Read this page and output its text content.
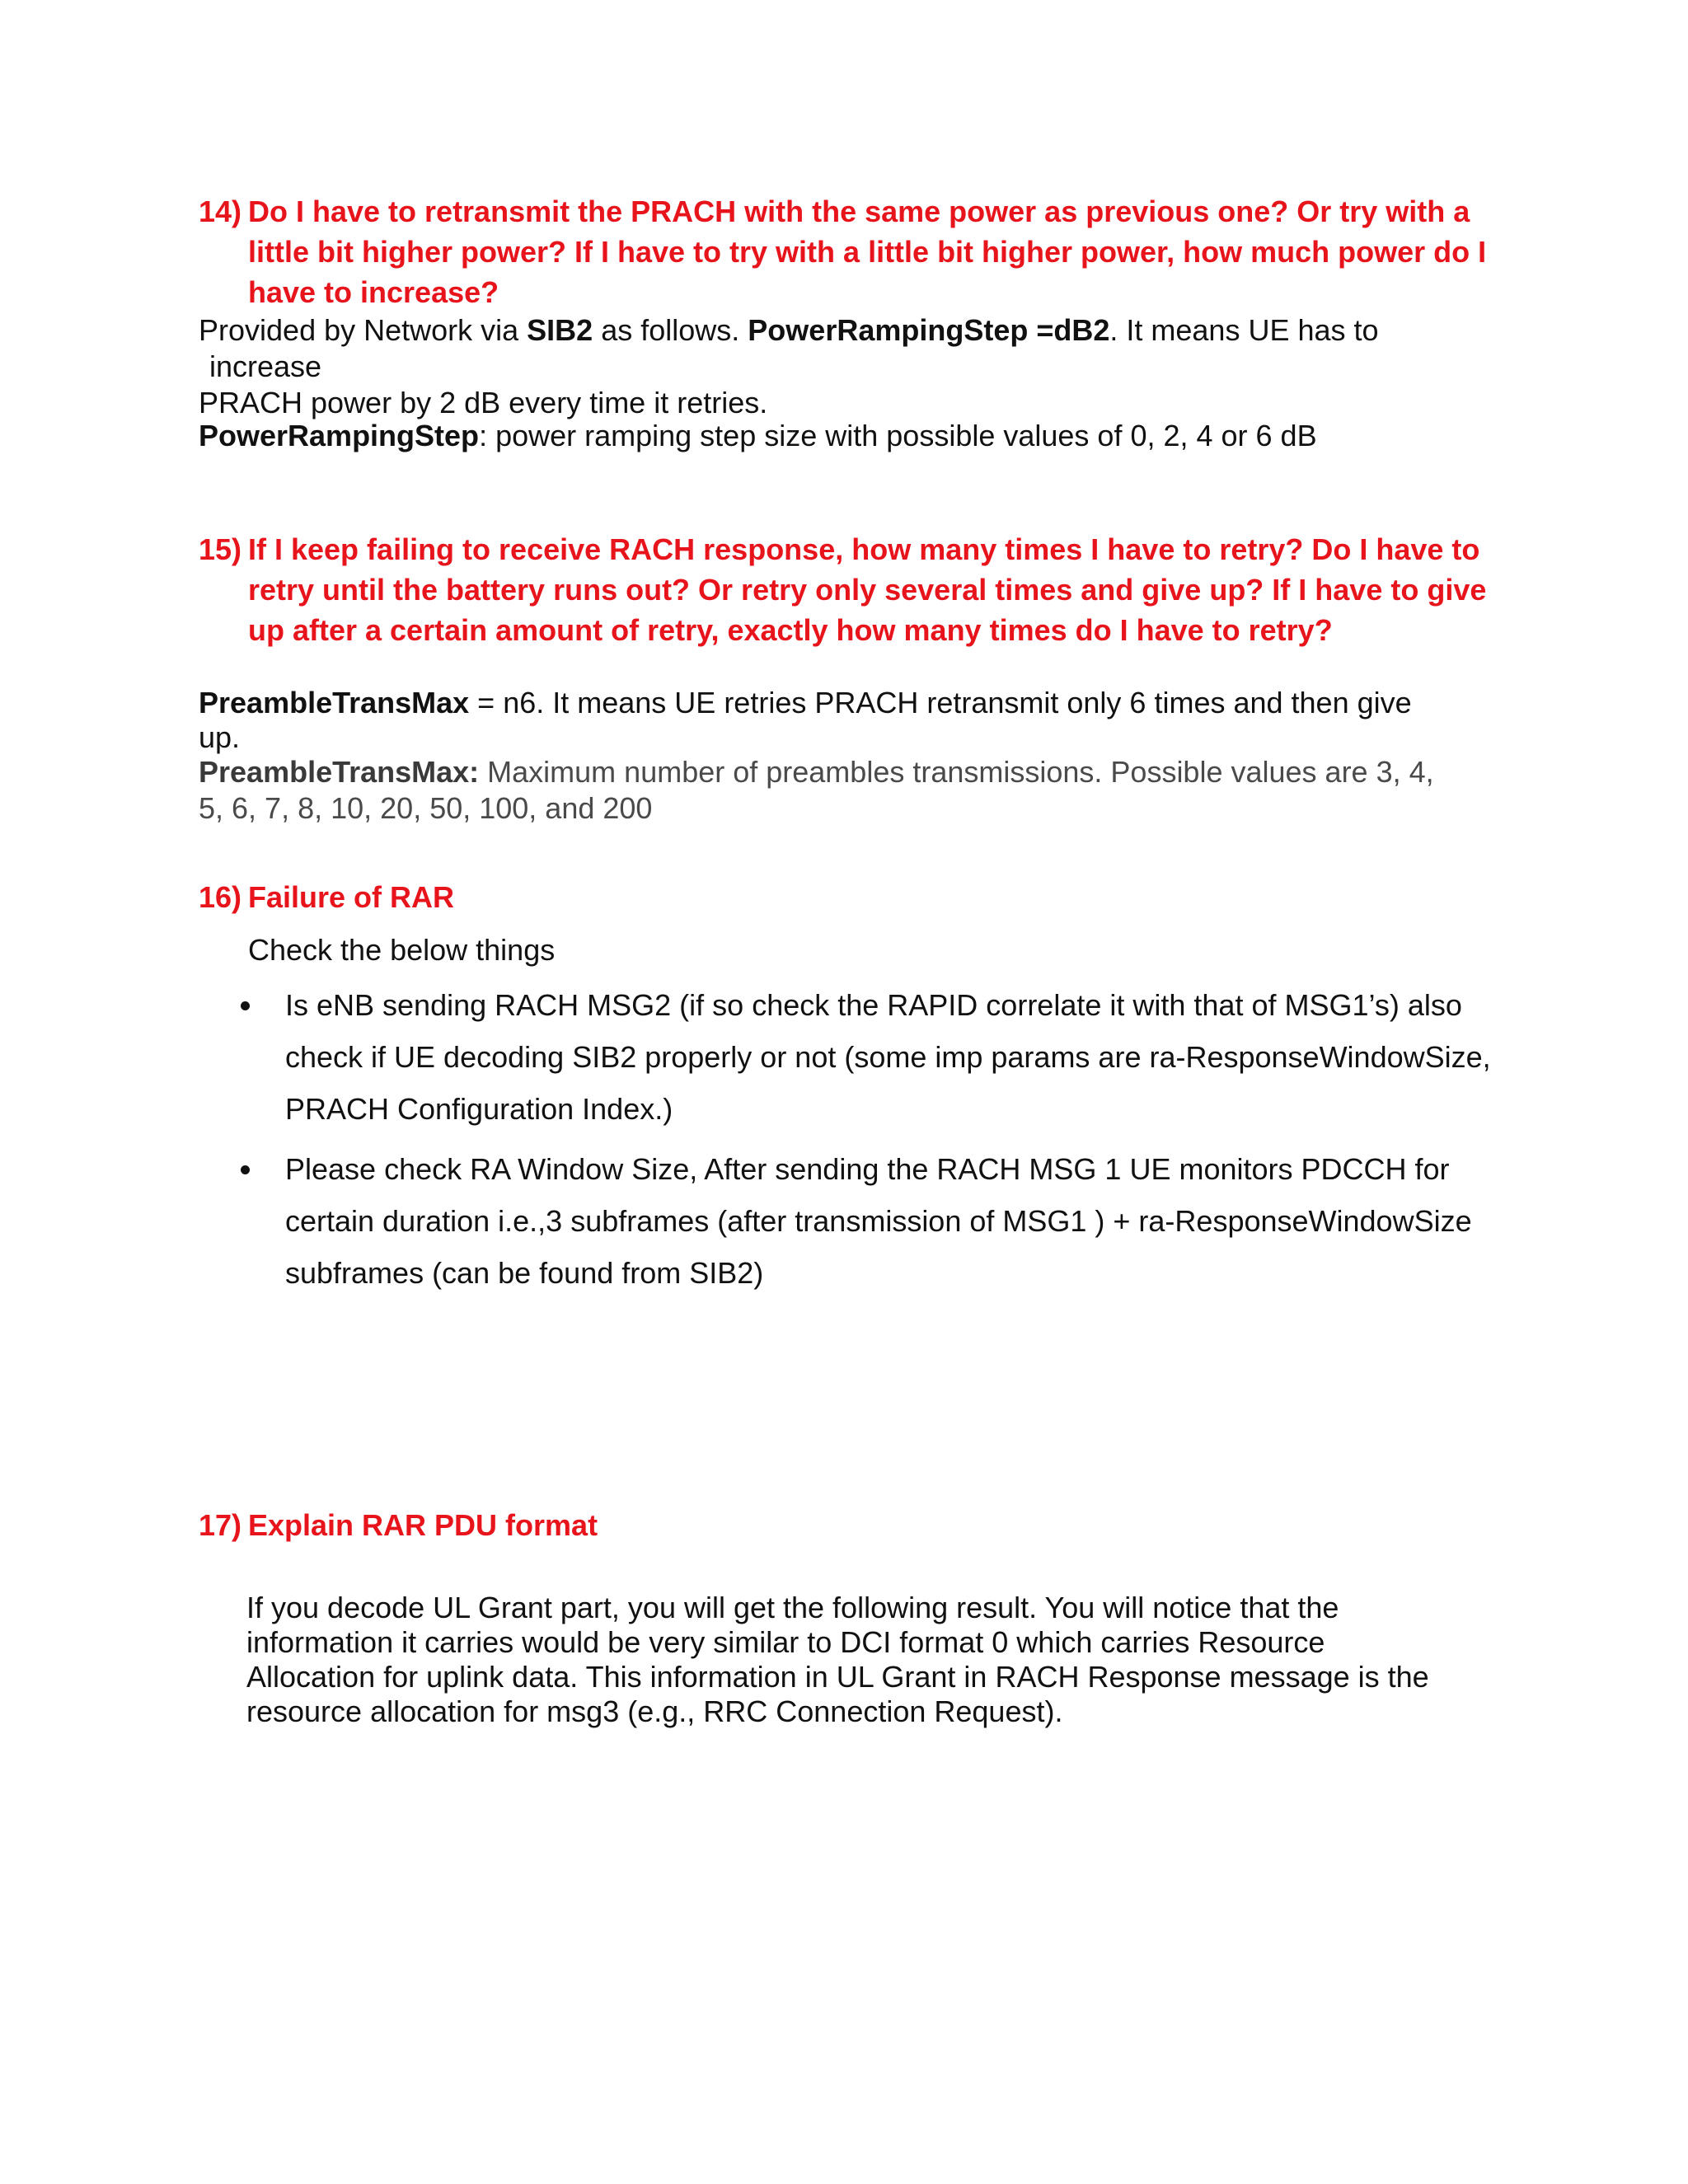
14) Do I have to retransmit the PRACH with the same power as previous one? Or try with a little bit higher power? If I have to try with a little bit higher power, how much power do I have to increase?
Provided by Network via SIB2 as follows. PowerRampingStep =dB2. It means UE has to
increase
PRACH power by 2 dB every time it retries.
PowerRampingStep: power ramping step size with possible values of 0, 2, 4 or 6 dB
15) If I keep failing to receive RACH response, how many times I have to retry? Do I have to retry until the battery runs out? Or retry only several times and give up? If I have to give up after a certain amount of retry, exactly how many times do I have to retry?
PreambleTransMax = n6. It means UE retries PRACH retransmit only 6 times and then give
up.
PreambleTransMax: Maximum number of preambles transmissions. Possible values are 3, 4,
5, 6, 7, 8, 10, 20, 50, 100, and 200
16) Failure of RAR
Check the below things
Is eNB sending RACH MSG2 (if so check the RAPID correlate it with that of MSG1’s) also check if UE decoding SIB2 properly or not (some imp params are ra-ResponseWindowSize, PRACH Configuration Index.)
Please check RA Window Size, After sending the RACH MSG 1 UE monitors PDCCH for certain duration i.e.,3 subframes (after transmission of MSG1 ) + ra-ResponseWindowSize subframes (can be found from SIB2)
17) Explain RAR PDU format
If you decode UL Grant part, you will get the following result. You will notice that the
information it carries would be very similar to DCI format 0 which carries Resource
Allocation for uplink data. This information in UL Grant in RACH Response message is the
resource allocation for msg3 (e.g., RRC Connection Request).
